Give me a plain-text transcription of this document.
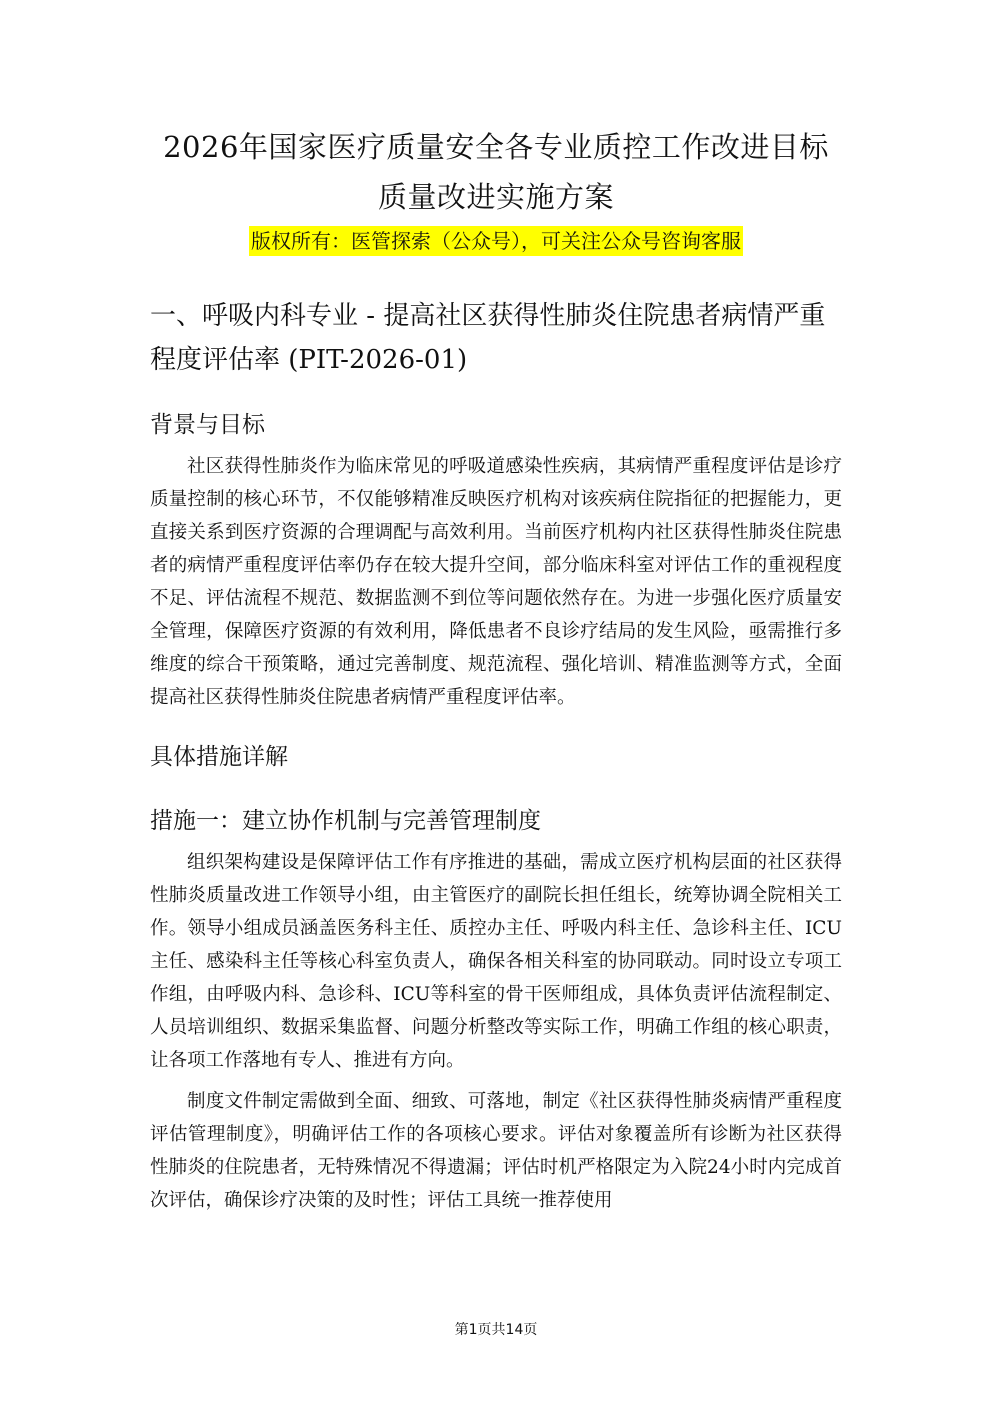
2026年国家医疗质量安全各专业质控工作改进目标
质量改进实施方案
版权所有：医管探索（公众号），可关注公众号咨询客服
一、呼吸内科专业 - 提高社区获得性肺炎住院患者病情严重程度评估率 (PIT-2026-01)
背景与目标

社区获得性肺炎作为临床常见的呼吸道感染性疾病，其病情严重程度评估是诊疗质量控制的核心环节，不仅能够精准反映医疗机构对该疾病住院指征的把握能力，更直接关系到医疗资源的合理调配与高效利用。当前医疗机构内社区获得性肺炎住院患者的病情严重程度评估率仍存在较大提升空间，部分临床科室对评估工作的重视程度不足、评估流程不规范、数据监测不到位等问题依然存在。为进一步强化医疗质量安全管理，保障医疗资源的有效利用，降低患者不良诊疗结局的发生风险，亟需推行多维度的综合干预策略，通过完善制度、规范流程、强化培训、精准监测等方式，全面提高社区获得性肺炎住院患者病情严重程度评估率。

具体措施详解
措施一：建立协作机制与完善管理制度

组织架构建设是保障评估工作有序推进的基础，需成立医疗机构层面的社区获得性肺炎质量改进工作领导小组，由主管医疗的副院长担任组长，统筹协调全院相关工作。领导小组成员涵盖医务科主任、质控办主任、呼吸内科主任、急诊科主任、ICU主任、感染科主任等核心科室负责人，确保各相关科室的协同联动。同时设立专项工作组，由呼吸内科、急诊科、ICU等科室的骨干医师组成，具体负责评估流程制定、人员培训组织、数据采集监督、问题分析整改等实际工作，明确工作组的核心职责，让各项工作落地有专人、推进有方向。

制度文件制定需做到全面、细致、可落地，制定《社区获得性肺炎病情严重程度评估管理制度》，明确评估工作的各项核心要求。评估对象覆盖所有诊断为社区获得性肺炎的住院患者，无特殊情况不得遗漏；评估时机严格限定为入院24小时内完成首次评估，确保诊疗决策的及时性；评估工具统一推荐使用

第1页共14页
